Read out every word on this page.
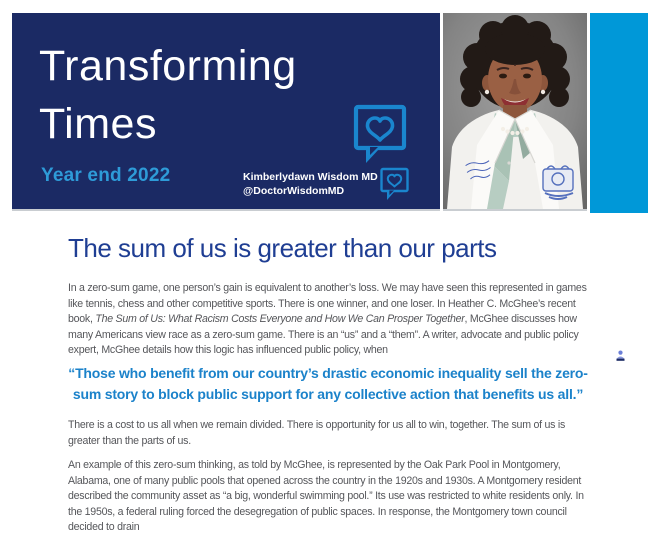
Transforming
Times
Year end 2022	Kimberlydawn Wisdom MD
@DoctorWisdomMD
The sum of us is greater than our parts

In a zero-sum game, one person’s gain is equivalent to another’s loss. We may have seen this represented in games like tennis, chess and other competitive sports. There is one winner, and one loser. In Heather C. McGhee’s recent book, The Sum of Us: What Racism Costs Everyone and How We Can Prosper Together, McGhee discusses how many Americans view race as a zero-sum game. There is an “us” and a “them”. A writer, advocate and public policy expert, McGhee details how this logic has influenced public policy, when

“Those who benefit from our country’s drastic economic inequality sell the zero-
sum story to block public support for any collective action that benefits us all.”

There is a cost to us all when we remain divided. There is opportunity for us all to win, together. The sum of us is greater than the parts of us.

An example of this zero-sum thinking, as told by McGhee, is represented by the Oak Park Pool in Montgomery, Alabama, one of many public pools that opened across the country in the 1920s and 1930s. A Montgomery resident described the community asset as “a big, wonderful swimming pool.” Its use was restricted to white residents only. In the 1950s, a federal ruling forced the desegregation of public spaces. In response, the Montgomery town council decided to drain
